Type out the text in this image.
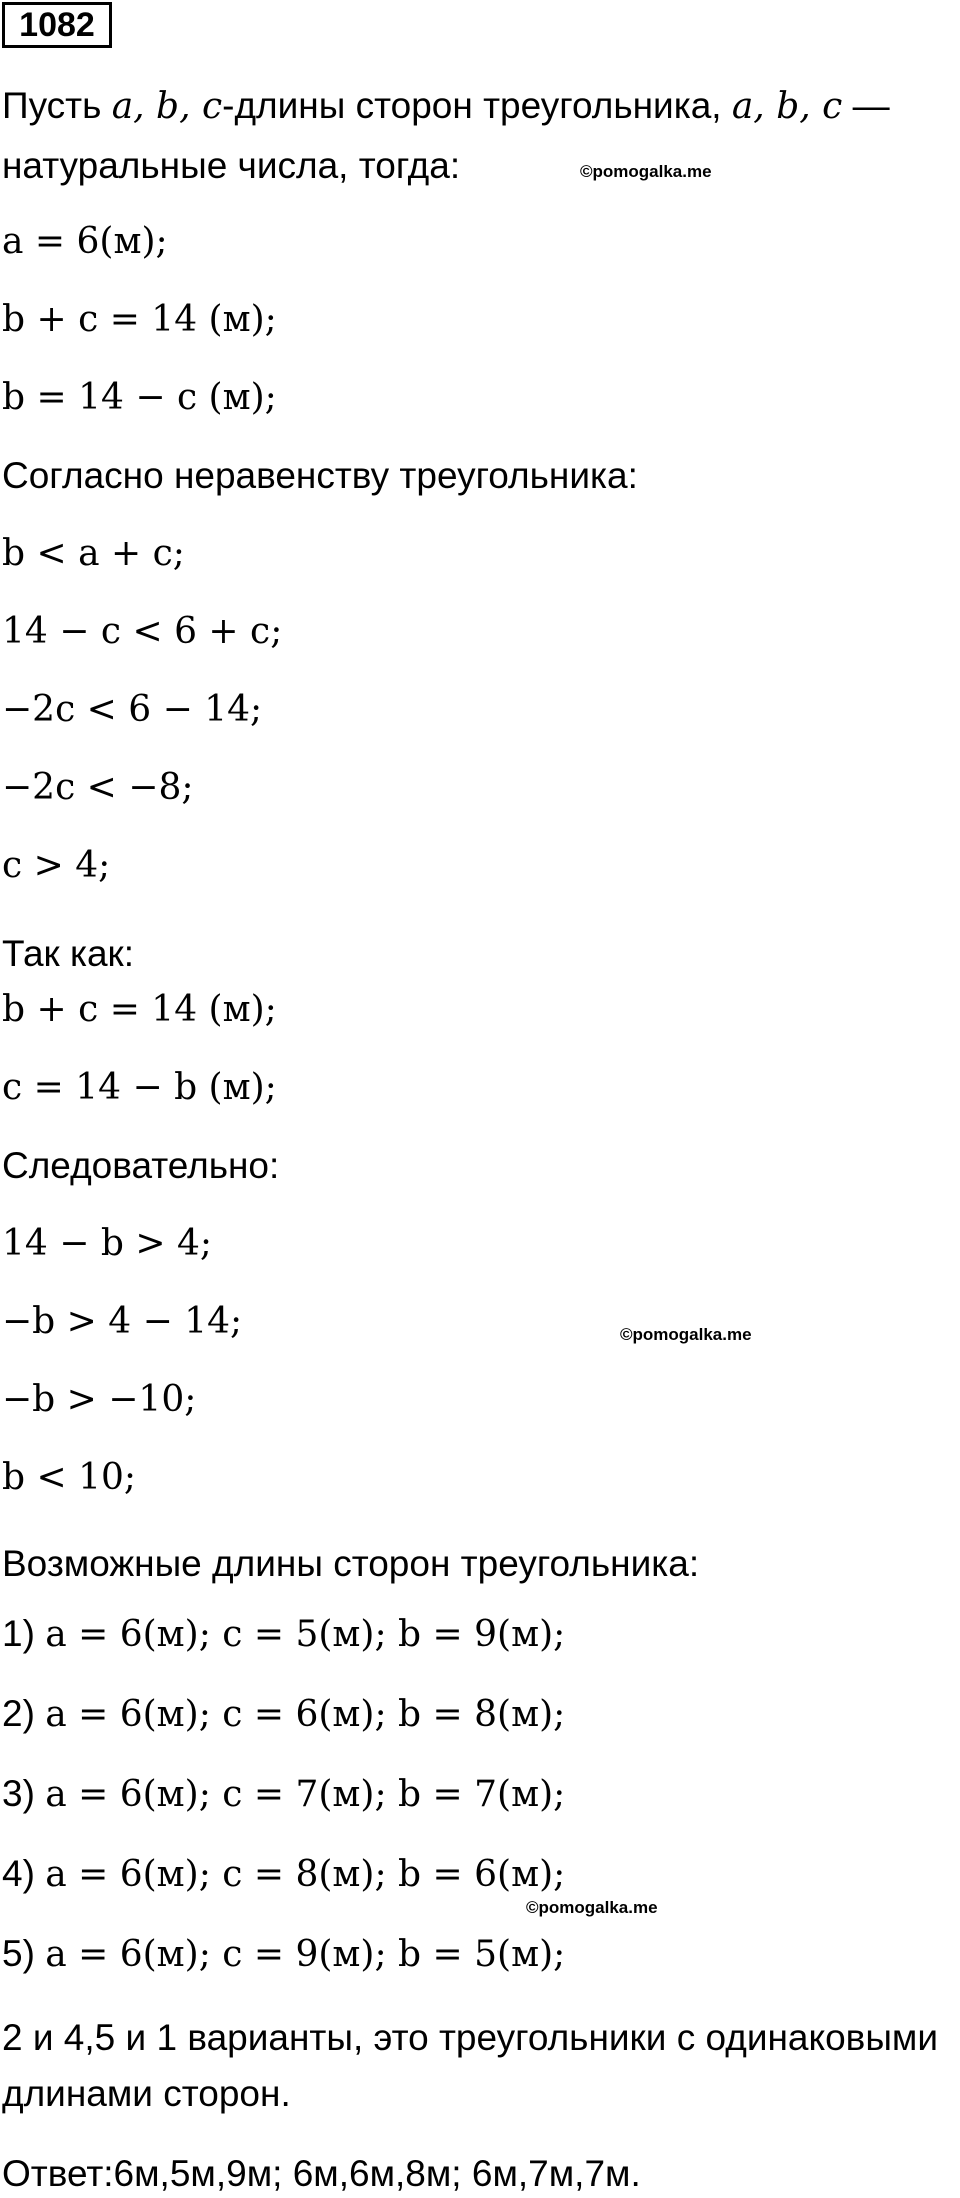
1082
Пусть a, b, c-длины сторон треугольника, a, b, c —
натуральные числа, тогда:	©pomogalka.me
a = 6(м);
b + c = 14 (м);
b = 14 − c (м);
Согласно неравенству треугольника:
b < a + c;
14 − c < 6 + c;
−2c < 6 − 14;
−2c < −8;
c > 4;
Так как:
b + c = 14 (м);
c = 14 − b (м);
Следовательно:
14 − b > 4;
−b > 4 − 14;	©pomogalka.me
−b > −10;
b < 10;
Возможные длины сторон треугольника:
1) a = 6(м); c = 5(м); b = 9(м);
2) a = 6(м); c = 6(м); b = 8(м);
3) a = 6(м); c = 7(м); b = 7(м);
4) a = 6(м); c = 8(м); b = 6(м);
©pomogalka.me
5) a = 6(м); c = 9(м); b = 5(м);
2 и 4,5 и 1 варианты, это треугольники с одинаковыми
длинами сторон.
Ответ:6м,5м,9м; 6м,6м,8м; 6м,7м,7м.
